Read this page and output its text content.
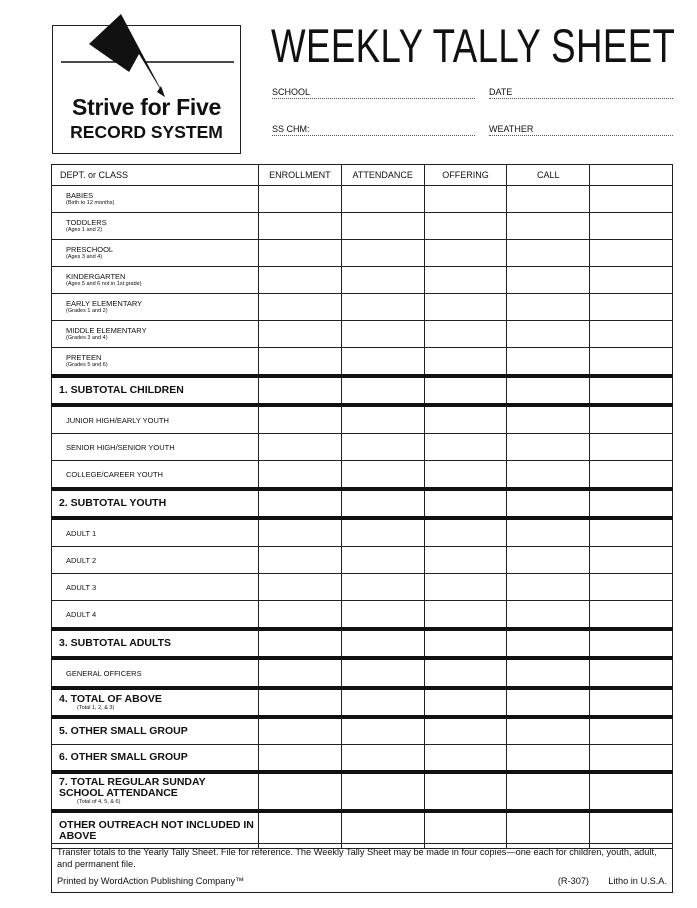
Strive for Five
RECORD SYSTEM
WEEKLY TALLY SHEET
SCHOOL	DATE
SS CHM:	WEATHER
DEPT. or CLASS	ENROLLMENT	ATTENDANCE	OFFERING	CALL	
BABIES
(Birth to 12 months)					

TODDLERS
(Ages 1 and 2)					

PRESCHOOL
(Ages 3 and 4)					

KINDERGARTEN
(Ages 5 and 6 not in 1st grade)					

EARLY ELEMENTARY
(Grades 1 and 2)					

MIDDLE ELEMENTARY
(Grades 3 and 4)					

PRETEEN
(Grades 5 and 6)					

1. SUBTOTAL CHILDREN					
JUNIOR HIGH/EARLY YOUTH					
SENIOR HIGH/SENIOR YOUTH					
COLLEGE/CAREER YOUTH					
2. SUBTOTAL YOUTH					
ADULT 1					
ADULT 2					
ADULT 3					
ADULT 4					
3. SUBTOTAL ADULTS					
GENERAL OFFICERS					
4. TOTAL OF ABOVE
(Total 1, 2, & 3)					

5. OTHER SMALL GROUP					
6. OTHER SMALL GROUP					
7. TOTAL REGULAR SUNDAY       SCHOOL ATTENDANCE
(Total of 4, 5, & 6)					

OTHER OUTREACH NOT INCLUDED IN ABOVE					
Transfer totals to the Yearly Tally Sheet. File for reference. The Weekly Tally Sheet may be made in four copies—one each for children, youth, adult, and permanent file.
Printed by WordAction Publishing Company™	(R-307) Litho in U.S.A.
